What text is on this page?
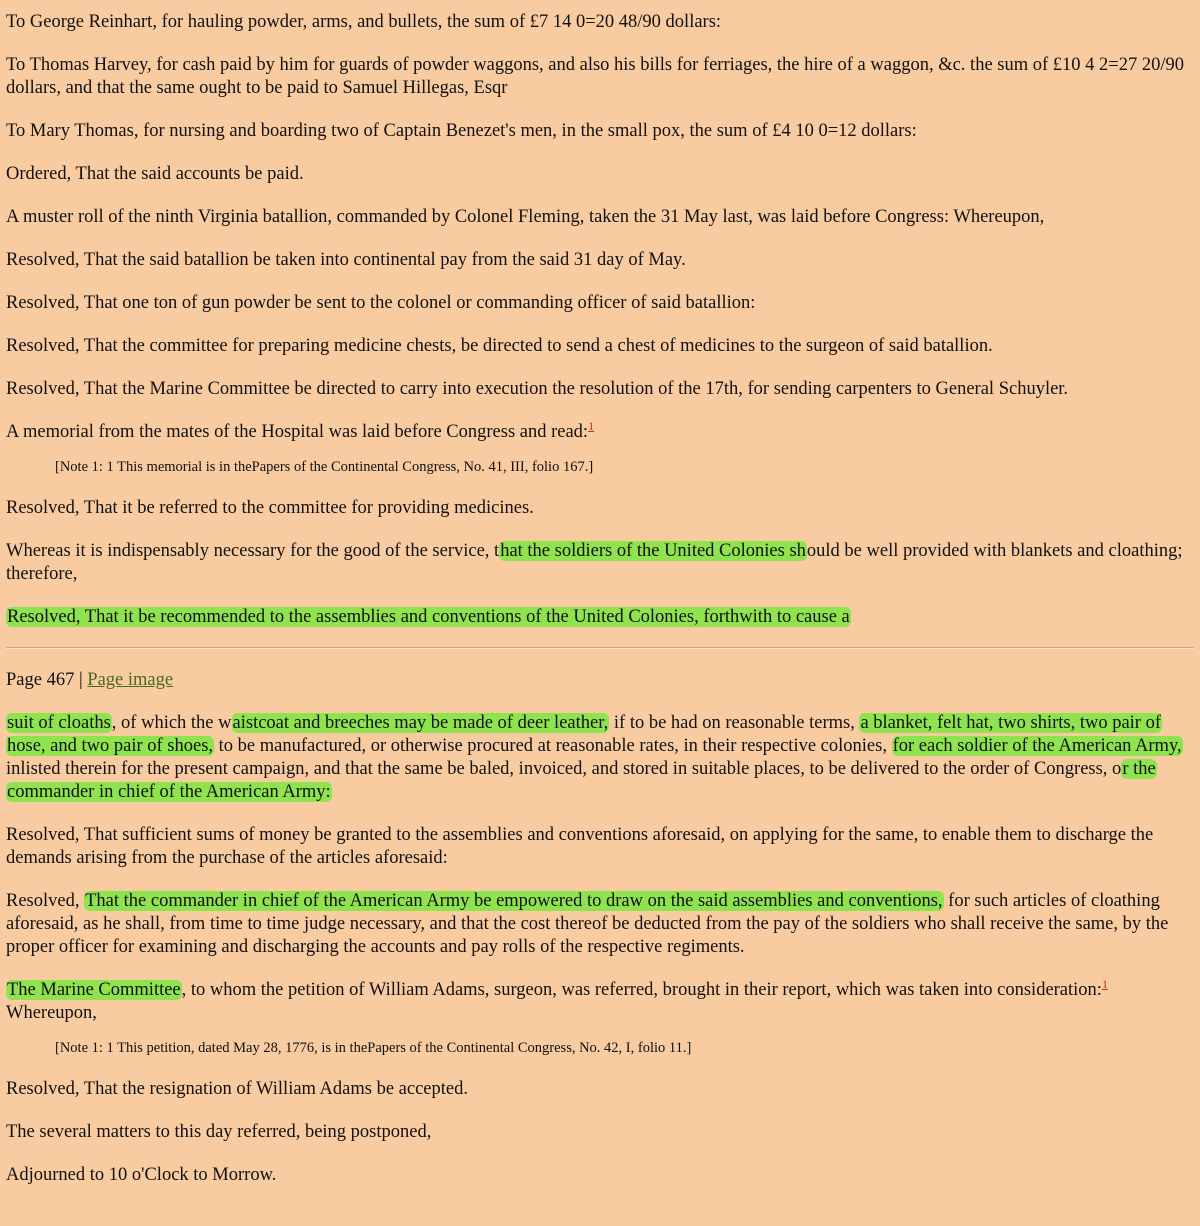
To George Reinhart, for hauling powder, arms, and bullets, the sum of £7 14 0=20 48/90 dollars:

To Thomas Harvey, for cash paid by him for guards of powder waggons, and also his bills for ferriages, the hire of a waggon, &c. the sum of £10 4 2=27 20/90 dollars, and that the same ought to be paid to Samuel Hillegas, Esqr

To Mary Thomas, for nursing and boarding two of Captain Benezet's men, in the small pox, the sum of £4 10 0=12 dollars:

Ordered, That the said accounts be paid.

A muster roll of the ninth Virginia batallion, commanded by Colonel Fleming, taken the 31 May last, was laid before Congress: Whereupon,

Resolved, That the said batallion be taken into continental pay from the said 31 day of May.

Resolved, That one ton of gun powder be sent to the colonel or commanding officer of said batallion:

Resolved, That the committee for preparing medicine chests, be directed to send a chest of medicines to the surgeon of said batallion.

Resolved, That the Marine Committee be directed to carry into execution the resolution of the 17th, for sending carpenters to General Schuyler.

A memorial from the mates of the Hospital was laid before Congress and read:$^1$

[Note 1: 1 This memorial is in thePapers of the Continental Congress, No. 41, III, folio 167.]

Resolved, That it be referred to the committee for providing medicines.

Whereas it is indispensably necessary for the good of the service, that the soldiers of the United Colonies should be well provided with blankets and cloathing; therefore,

Resolved, That it be recommended to the assemblies and conventions of the United Colonies, forthwith to cause a

Page 467 | Page image

suit of cloaths, of which the waistcoat and breeches may be made of deer leather, if to be had on reasonable terms, a blanket, felt hat, two shirts, two pair of hose, and two pair of shoes, to be manufactured, or otherwise procured at reasonable rates, in their respective colonies, for each soldier of the American Army, inlisted therein for the present campaign, and that the same be baled, invoiced, and stored in suitable places, to be delivered to the order of Congress, or the commander in chief of the American Army:

Resolved, That sufficient sums of money be granted to the assemblies and conventions aforesaid, on applying for the same, to enable them to discharge the demands arising from the purchase of the articles aforesaid:

Resolved, That the commander in chief of the American Army be empowered to draw on the said assemblies and conventions, for such articles of cloathing aforesaid, as he shall, from time to time judge necessary, and that the cost thereof be deducted from the pay of the soldiers who shall receive the same, by the proper officer for examining and discharging the accounts and pay rolls of the respective regiments.

The Marine Committee, to whom the petition of William Adams, surgeon, was referred, brought in their report, which was taken into consideration:$^1$ Whereupon,

[Note 1: 1 This petition, dated May 28, 1776, is in thePapers of the Continental Congress, No. 42, I, folio 11.]

Resolved, That the resignation of William Adams be accepted.

The several matters to this day referred, being postponed,

Adjourned to 10 o'Clock to Morrow.
